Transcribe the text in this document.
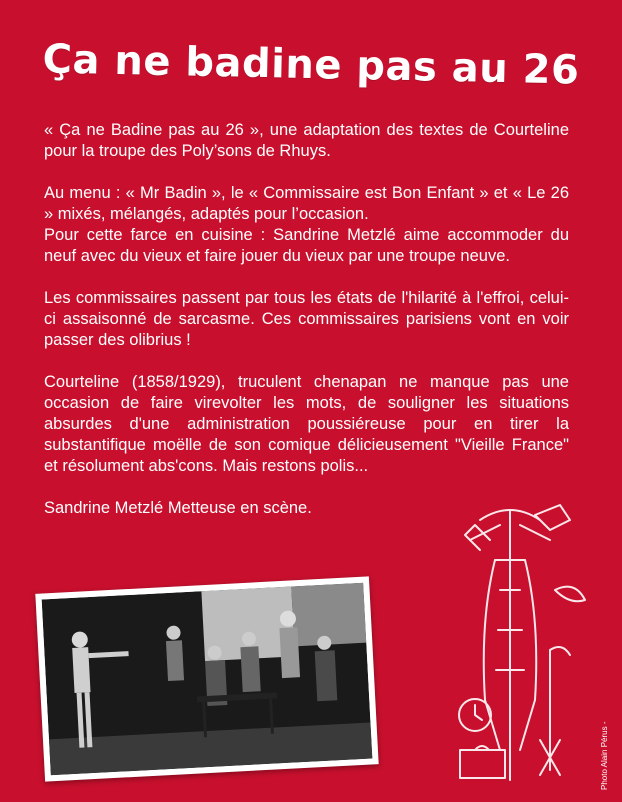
Ça ne badine pas au 26

« Ça ne Badine pas au 26 », une adaptation des textes de Courteline pour la troupe des Poly’sons de Rhuys.

Au menu : « Mr Badin », le « Commissaire est Bon Enfant » et « Le 26 » mixés, mélangés, adaptés pour l’occasion.

Pour cette farce en cuisine : Sandrine Metzlé aime accommoder du neuf avec du vieux et faire jouer du vieux par une troupe neuve.

Les commissaires passent par tous les états de l'hilarité à l'effroi, celui-ci assaisonné de sarcasme. Ces commissaires parisiens vont en voir passer des olibrius !

Courteline (1858/1929), truculent chenapan ne manque pas une occasion de faire virevolter les mots, de souligner les situations absurdes d'une administration poussiéreuse pour en tirer la substantifique moëlle de son comique délicieusement "Vieille France" et résolument abs'cons. Mais restons polis...

Sandrine Metzlé Metteuse en scène.

Photo Alain Pérus -
